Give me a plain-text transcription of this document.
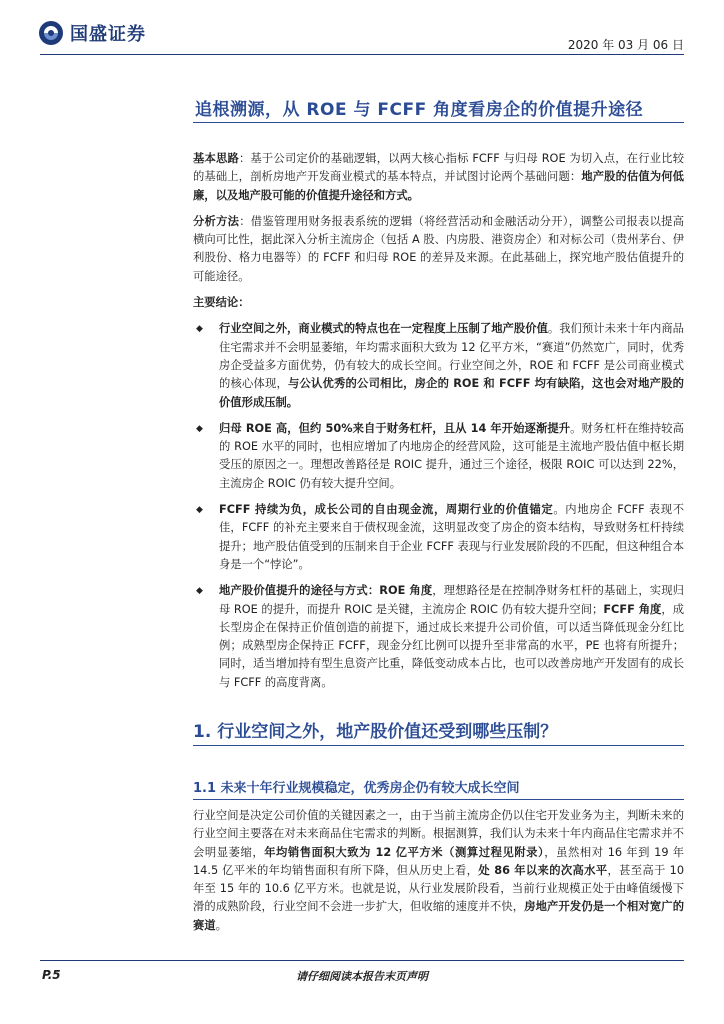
国盛证券	2020 年 03 月 06 日
追根溯源，从 ROE 与 FCFF 角度看房企的价值提升途径

基本思路：基于公司定价的基础逻辑，以两大核心指标 FCFF 与归母 ROE 为切入点，在行业比较的基础上，剖析房地产开发商业模式的基本特点，并试图讨论两个基础问题：地产股的估值为何低廉，以及地产股可能的价值提升途径和方式。

分析方法：借鉴管理用财务报表系统的逻辑（将经营活动和金融活动分开），调整公司报表以提高横向可比性，据此深入分析主流房企（包括 A 股、内房股、港资房企）和对标公司（贵州茅台、伊利股份、格力电器等）的 FCFF 和归母 ROE 的差异及来源。在此基础上，探究地产股估值提升的可能途径。

主要结论：

◆ 行业空间之外，商业模式的特点也在一定程度上压制了地产股价值。我们预计未来十年内商品住宅需求并不会明显萎缩，年均需求面积大致为 12 亿平方米，“赛道”仍然宽广，同时，优秀房企受益多方面优势，仍有较大的成长空间。行业空间之外，ROE 和 FCFF 是公司商业模式的核心体现，与公认优秀的公司相比，房企的 ROE 和 FCFF 均有缺陷，这也会对地产股的价值形成压制。

◆ 归母 ROE 高，但约 50%来自于财务杠杆，且从 14 年开始逐渐提升。财务杠杆在维持较高的 ROE 水平的同时，也相应增加了内地房企的经营风险，这可能是主流地产股估值中枢长期受压的原因之一。理想改善路径是 ROIC 提升，通过三个途径，极限 ROIC 可以达到 22%，主流房企 ROIC 仍有较大提升空间。

◆ FCFF 持续为负，成长公司的自由现金流，周期行业的价值锚定。内地房企 FCFF 表现不佳，FCFF 的补充主要来自于债权现金流，这明显改变了房企的资本结构，导致财务杠杆持续提升；地产股估值受到的压制来自于企业 FCFF 表现与行业发展阶段的不匹配，但这种组合本身是一个“悖论”。

◆ 地产股价值提升的途径与方式：ROE 角度，理想路径是在控制净财务杠杆的基础上，实现归母 ROE 的提升，而提升 ROIC 是关键，主流房企 ROIC 仍有较大提升空间；FCFF 角度，成长型房企在保持正价值创造的前提下，通过成长来提升公司价值，可以适当降低现金分红比例；成熟型房企保持正 FCFF，现金分红比例可以提升至非常高的水平，PE 也将有所提升；同时，适当增加持有型生息资产比重，降低变动成本占比，也可以改善房地产开发固有的成长与 FCFF 的高度背离。

1. 行业空间之外，地产股价值还受到哪些压制？
1.1 未来十年行业规模稳定，优秀房企仍有较大成长空间

行业空间是决定公司价值的关键因素之一，由于当前主流房企仍以住宅开发业务为主，判断未来的行业空间主要落在对未来商品住宅需求的判断。根据测算，我们认为未来十年内商品住宅需求并不会明显萎缩，年均销售面积大致为 12 亿平方米（测算过程见附录），虽然相对 16 年到 19 年 14.5 亿平米的年均销售面积有所下降，但从历史上看，处 86 年以来的次高水平，甚至高于 10 年至 15 年的 10.6 亿平方米。也就是说，从行业发展阶段看，当前行业规模正处于由峰值缓慢下滑的成熟阶段，行业空间不会进一步扩大，但收缩的速度并不快，房地产开发仍是一个相对宽广的赛道。

P.5	请仔细阅读本报告末页声明
